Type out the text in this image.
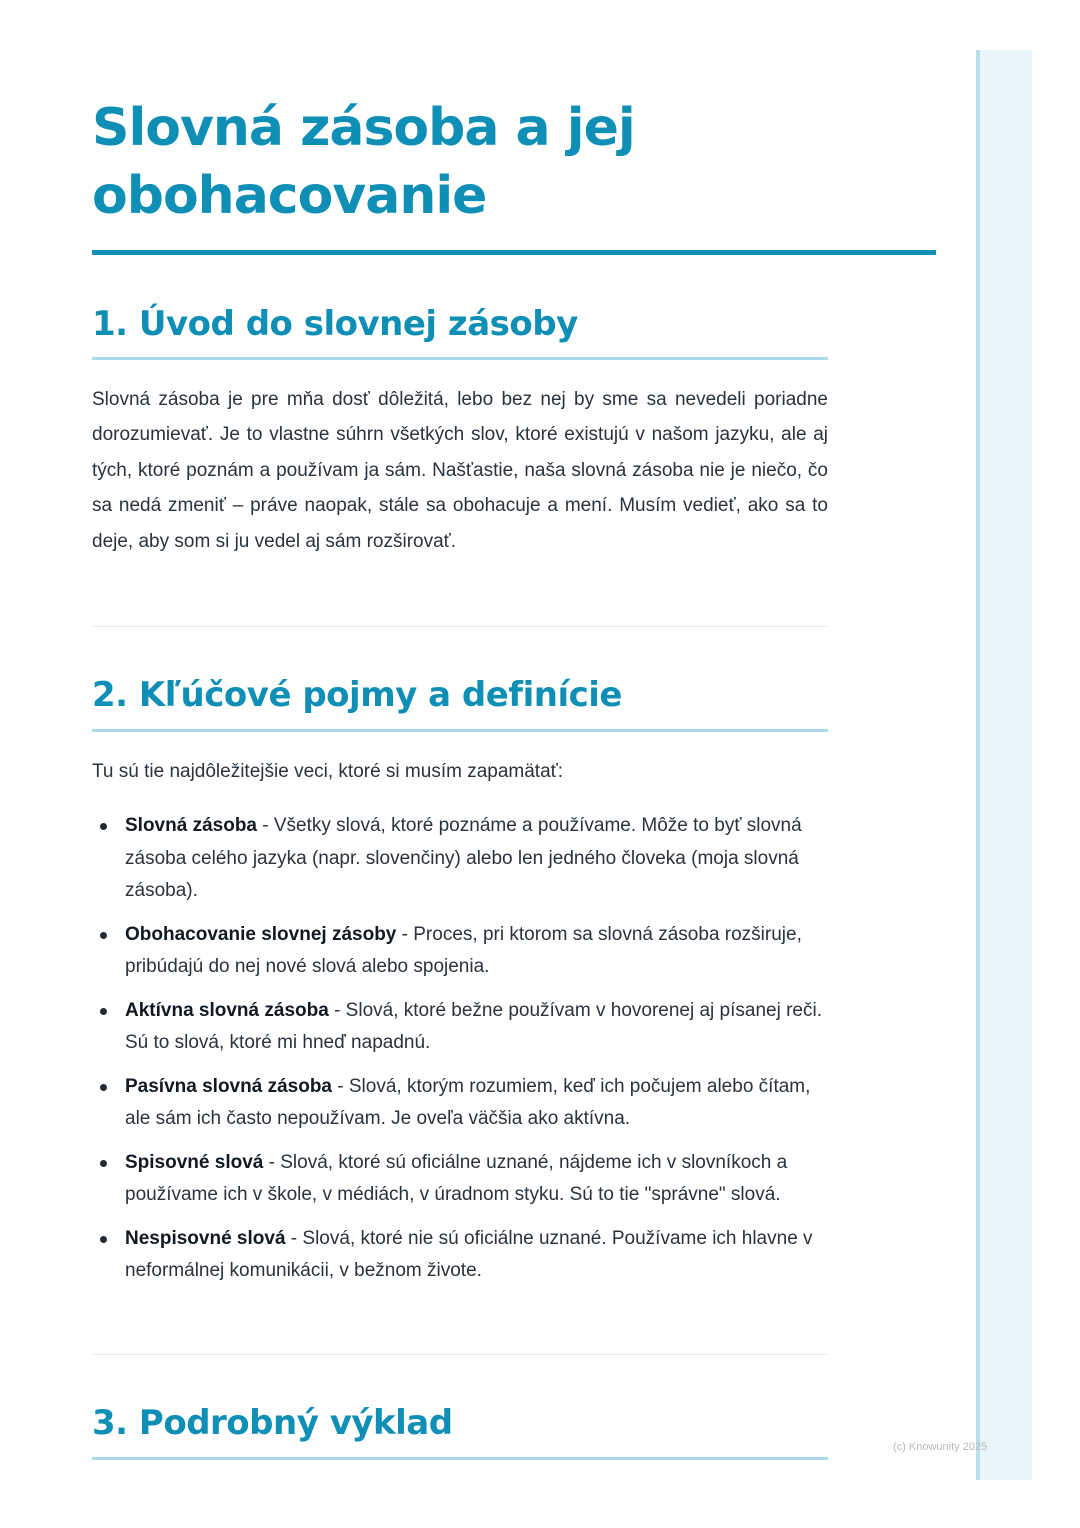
Slovná zásoba a jej
obohacovanie
1. Úvod do slovnej zásoby

Slovná zásoba je pre mňa dosť dôležitá, lebo bez nej by sme sa nevedeli poriadne dorozumievať. Je to vlastne súhrn všetkých slov, ktoré existujú v našom jazyku, ale aj tých, ktoré poznám a používam ja sám. Našťastie, naša slovná zásoba nie je niečo, čo sa nedá zmeniť – práve naopak, stále sa obohacuje a mení. Musím vedieť, ako sa to deje, aby som si ju vedel aj sám rozširovať.

2. Kľúčové pojmy a definície

Tu sú tie najdôležitejšie veci, ktoré si musím zapamätať:

Slovná zásoba - Všetky slová, ktoré poznáme a používame. Môže to byť slovná zásoba celého jazyka (napr. slovenčiny) alebo len jedného človeka (moja slovná zásoba).
Obohacovanie slovnej zásoby - Proces, pri ktorom sa slovná zásoba rozširuje, pribúdajú do nej nové slová alebo spojenia.
Aktívna slovná zásoba - Slová, ktoré bežne používam v hovorenej aj písanej reči. Sú to slová, ktoré mi hneď napadnú.
Pasívna slovná zásoba - Slová, ktorým rozumiem, keď ich počujem alebo čítam, ale sám ich často nepoužívam. Je oveľa väčšia ako aktívna.
Spisovné slová - Slová, ktoré sú oficiálne uznané, nájdeme ich v slovníkoch a používame ich v škole, v médiách, v úradnom styku. Sú to tie "správne" slová.
Nespisovné slová - Slová, ktoré nie sú oficiálne uznané. Používame ich hlavne v neformálnej komunikácii, v bežnom živote.
3. Podrobný výklad
(c) Knowunity 2025
